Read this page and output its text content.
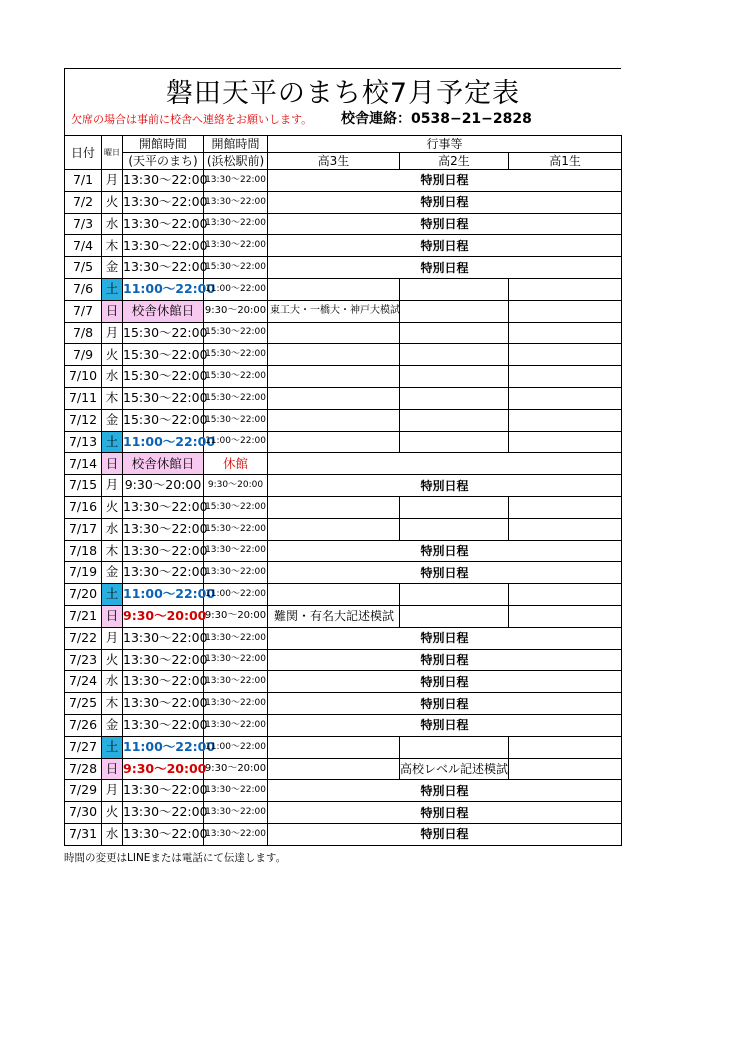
磐田天平のまち校7月予定表
欠席の場合は事前に校舎へ連絡をお願いします。 校舎連絡：0538−21−2828
日付	曜日	開館時間	開館時間	行事等		
		(天平のまち)	(浜松駅前)	高3生	高2生	高1生
7/1	月	13:30〜22:00	13:30〜22:00	特別日程		
7/2	火	13:30〜22:00	13:30〜22:00	特別日程		
7/3	水	13:30〜22:00	13:30〜22:00	特別日程		
7/4	木	13:30〜22:00	13:30〜22:00	特別日程		
7/5	金	13:30〜22:00	15:30〜22:00	特別日程		
7/6	土	11:00〜22:00	11:00〜22:00			
7/7	日	校舎休館日	9:30〜20:00	東工大・一橋大・神戸大模試		
7/8	月	15:30〜22:00	15:30〜22:00			
7/9	火	15:30〜22:00	15:30〜22:00			
7/10	水	15:30〜22:00	15:30〜22:00			
7/11	木	15:30〜22:00	15:30〜22:00			
7/12	金	15:30〜22:00	15:30〜22:00			
7/13	土	11:00〜22:00	11:00〜22:00			
7/14	日	校舎休館日	休館			
7/15	月	9:30〜20:00	9:30〜20:00	特別日程		
7/16	火	13:30〜22:00	15:30〜22:00			
7/17	水	13:30〜22:00	15:30〜22:00			
7/18	木	13:30〜22:00	13:30〜22:00	特別日程		
7/19	金	13:30〜22:00	13:30〜22:00	特別日程		
7/20	土	11:00〜22:00	11:00〜22:00			
7/21	日	9:30〜20:00	9:30〜20:00	難関・有名大記述模試		
7/22	月	13:30〜22:00	13:30〜22:00	特別日程		
7/23	火	13:30〜22:00	13:30〜22:00	特別日程		
7/24	水	13:30〜22:00	13:30〜22:00	特別日程		
7/25	木	13:30〜22:00	13:30〜22:00	特別日程		
7/26	金	13:30〜22:00	13:30〜22:00	特別日程		
7/27	土	11:00〜22:00	11:00〜22:00			
7/28	日	9:30〜20:00	9:30〜20:00		高校レベル記述模試	
7/29	月	13:30〜22:00	13:30〜22:00	特別日程		
7/30	火	13:30〜22:00	13:30〜22:00	特別日程		
7/31	水	13:30〜22:00	13:30〜22:00	特別日程		
時間の変更はLINEまたは電話にて伝達します。
